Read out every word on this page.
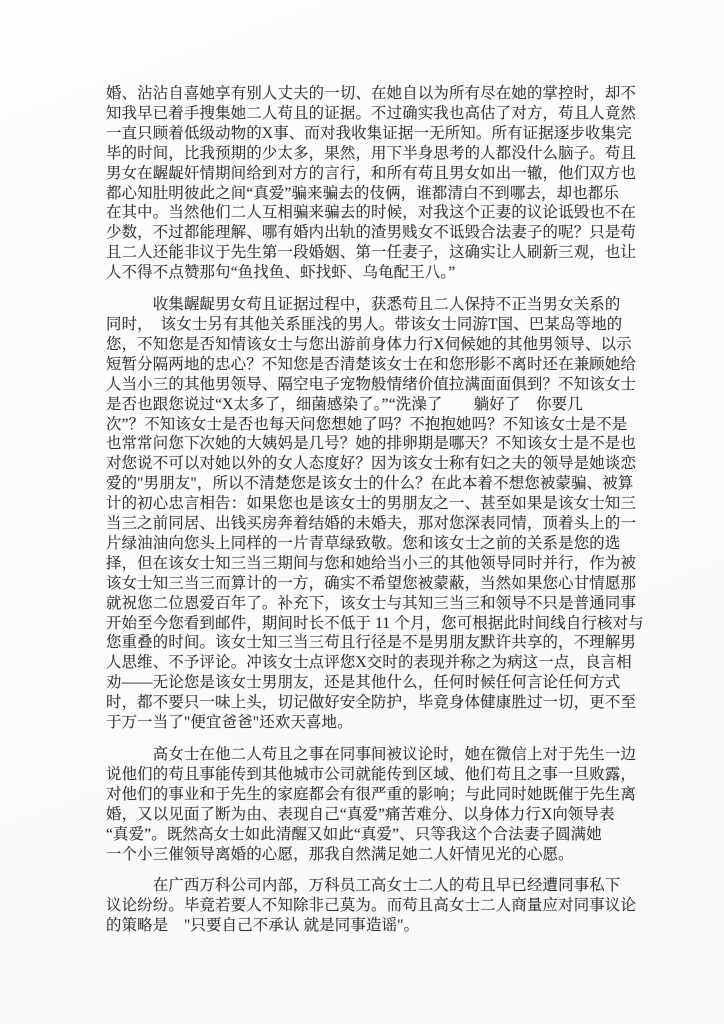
婚、沾沾自喜她享有别人丈夫的一切、在她自以为所有尽在她的掌控时，却不
知我早已着手搜集她二人苟且的证据。不过确实我也高估了对方，苟且人竟然
一直只顾着低级动物的X事、而对我收集证据一无所知。所有证据逐步收集完
毕的时间，比我预期的少太多，果然，用下半身思考的人都没什么脑子。苟且
男女在龌龊奸情期间给到对方的言行，和所有苟且男女如出一辙，他们双方也
都心知肚明彼此之间“真爱”骗来骗去的伎俩，谁都清白不到哪去，却也都乐
在其中。当然他们二人互相骗来骗去的时候，对我这个正妻的议论诋毁也不在
少数，不过都能理解、哪有婚内出轨的渣男贱女不诋毁合法妻子的呢？只是苟
且二人还能非议于先生第一段婚姻、第一任妻子，这确实让人刷新三观，也让
人不得不点赞那句“鱼找鱼、虾找虾、乌龟配王八。”
　　　收集龌龊男女苟且证据过程中，获悉苟且二人保持不正当男女关系的
同时，　该女士另有其他关系匪浅的男人。带该女士同游T国、巴某岛等地的
您，不知您是否知情该女士与您出游前身体力行X伺候她的其他男领导、以示
短暂分隔两地的忠心？不知您是否清楚该女士在和您形影不离时还在兼顾她给
人当小三的其他男领导、隔空电子宠物般情绪价值拉满面面俱到？不知该女士
是否也跟您说过“X太多了，细菌感染了。”“洗澡了　　躺好了　你要几
次”？不知该女士是否也每天问您想她了吗？不抱抱她吗？不知该女士是不是
也常常问您下次她的大姨妈是几号？她的排卵期是哪天？不知该女士是不是也
对您说不可以对她以外的女人态度好？因为该女士称有妇之夫的领导是她谈恋
爱的"男朋友"，所以不清楚您是该女士的什么？在此本着不想您被蒙骗、被算
计的初心忠言相告：如果您也是该女士的男朋友之一、甚至如果是该女士知三
当三之前同居、出钱买房奔着结婚的未婚夫，那对您深表同情，顶着头上的一
片绿油油向您头上同样的一片青草绿致敬。您和该女士之前的关系是您的选
择，但在该女士知三当三期间与您和她给当小三的其他领导同时并行，作为被
该女士知三当三而算计的一方，确实不希望您被蒙蔽，当然如果您心甘情愿那
就祝您二位恩爱百年了。补充下，该女士与其知三当三和领导不只是普通同事
开始至今您看到邮件，期间时长不低于 11 个月，您可根据此时间线自行核对与
您重叠的时间。该女士知三当三苟且行径是不是男朋友默许共享的，不理解男
人思维、不予评论。冲该女士点评您X交时的表现并称之为病这一点，良言相
劝——无论您是该女士男朋友，还是其他什么，任何时候任何言论任何方式
时，都不要只一味上头，切记做好安全防护，毕竟身体健康胜过一切，更不至
于万一当了"便宜爸爸"还欢天喜地。
　　　高女士在他二人苟且之事在同事间被议论时，她在微信上对于先生一边
说他们的苟且事能传到其他城市公司就能传到区域、他们苟且之事一旦败露，
对他们的事业和于先生的家庭都会有很严重的影响；与此同时她既催于先生离
婚，又以见面了断为由、表现自己“真爱”痛苦难分、以身体力行X向领导表
“真爱”。既然高女士如此清醒又如此“真爱”、只等我这个合法妻子圆满她
一个小三催领导离婚的心愿，那我自然满足她二人奸情见光的心愿。
　　　在广西万科公司内部，万科员工高女士二人的苟且早已经遭同事私下
议论纷纷。毕竟若要人不知除非己莫为。而苟且高女士二人商量应对同事议论
的策略是　"只要自己不承认 就是同事造谣"。
